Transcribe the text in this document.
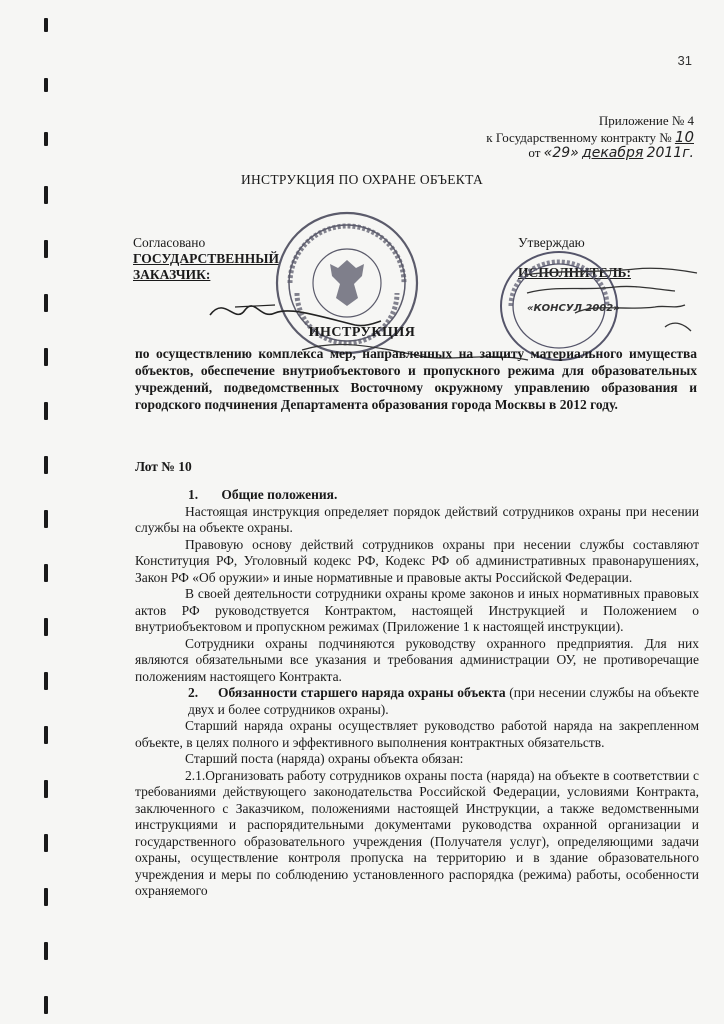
31
Приложение № 4
к Государственному контракту № 10
от «29» декабря 2011г.
ИНСТРУКЦИЯ ПО ОХРАНЕ ОБЪЕКТА
Согласовано
ГОСУДАРСТВЕННЫЙ
ЗАКАЗЧИК:
Утверждаю
ИСПОЛНИТЕЛЬ:
«КОНСУЛ 2002»
ИНСТРУКЦИЯ
по осуществлению комплекса мер, направленных на защиту материального имущества объектов, обеспечение внутриобъектового и пропускного режима для образовательных учреждений, подведомственных Восточному окружному управлению образования и городского подчинения Департамента образования города Москвы в 2012 году.
Лот № 10
1. Общие положения.

Настоящая инструкция определяет порядок действий сотрудников охраны при несении службы на объекте охраны.

Правовую основу действий сотрудников охраны при несении службы составляют Конституция РФ, Уголовный кодекс РФ, Кодекс РФ об административных правонарушениях, Закон РФ «Об оружии» и иные нормативные и правовые акты Российской Федерации.

В своей деятельности сотрудники охраны кроме законов и иных нормативных правовых актов РФ руководствуется Контрактом, настоящей Инструкцией и Положением о внутриобъектовом и пропускном режимах (Приложение 1 к настоящей инструкции).

Сотрудники охраны подчиняются руководству охранного предприятия. Для них являются обязательными все указания и требования администрации ОУ, не противоречащие положениям настоящего Контракта.

2. Обязанности старшего наряда охраны объекта (при несении службы на объекте двух и более сотрудников охраны).

Старший наряда охраны осуществляет руководство работой наряда на закрепленном объекте, в целях полного и эффективного выполнения контрактных обязательств.

Старший поста (наряда) охраны объекта обязан:

2.1.Организовать работу сотрудников охраны поста (наряда) на объекте в соответствии с требованиями действующего законодательства Российской Федерации, условиями Контракта, заключенного с Заказчиком, положениями настоящей Инструкции, а также ведомственными инструкциями и распорядительными документами руководства охранной организации и государственного образовательного учреждения (Получателя услуг), определяющими задачи охраны, осуществление контроля пропуска на территорию и в здание образовательного учреждения и меры по соблюдению установленного распорядка (режима) работы, особенности охраняемого
